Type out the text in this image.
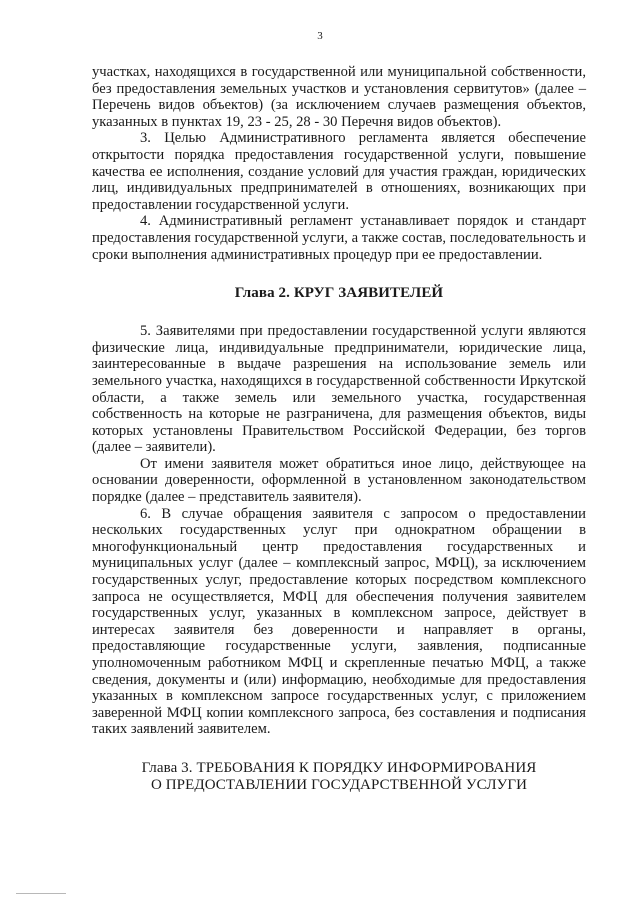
3

участках, находящихся в государственной или муниципальной собственности, без предоставления земельных участков и установления сервитутов» (далее – Перечень видов объектов) (за исключением случаев размещения объектов, указанных в пунктах 19, 23 - 25, 28 - 30 Перечня видов объектов).

3. Целью Административного регламента является обеспечение открытости порядка предоставления государственной услуги, повышение качества ее исполнения, создание условий для участия граждан, юридических лиц, индивидуальных предпринимателей в отношениях, возникающих при предоставлении государственной услуги.

4. Административный регламент устанавливает порядок и стандарт предоставления государственной услуги, а также состав, последовательность и сроки выполнения административных процедур при ее предоставлении.

Глава 2. КРУГ ЗАЯВИТЕЛЕЙ

5. Заявителями при предоставлении государственной услуги являются физические лица, индивидуальные предприниматели, юридические лица, заинтересованные в выдаче разрешения на использование земель или земельного участка, находящихся в государственной собственности Иркутской области, а также земель или земельного участка, государственная собственность на которые не разграничена, для размещения объектов, виды которых установлены Правительством Российской Федерации, без торгов (далее – заявители).

От имени заявителя может обратиться иное лицо, действующее на основании доверенности, оформленной в установленном законодательством порядке (далее – представитель заявителя).

6. В случае обращения заявителя с запросом о предоставлении нескольких государственных услуг при однократном обращении в многофункциональный центр предоставления государственных и муниципальных услуг (далее – комплексный запрос, МФЦ), за исключением государственных услуг, предоставление которых посредством комплексного запроса не осуществляется, МФЦ для обеспечения получения заявителем государственных услуг, указанных в комплексном запросе, действует в интересах заявителя без доверенности и направляет в органы, предоставляющие государственные услуги, заявления, подписанные уполномоченным работником МФЦ и скрепленные печатью МФЦ, а также сведения, документы и (или) информацию, необходимые для предоставления указанных в комплексном запросе государственных услуг, с приложением заверенной МФЦ копии комплексного запроса, без составления и подписания таких заявлений заявителем.

Глава 3. ТРЕБОВАНИЯ К ПОРЯДКУ ИНФОРМИРОВАНИЯ
О ПРЕДОСТАВЛЕНИИ ГОСУДАРСТВЕННОЙ УСЛУГИ
